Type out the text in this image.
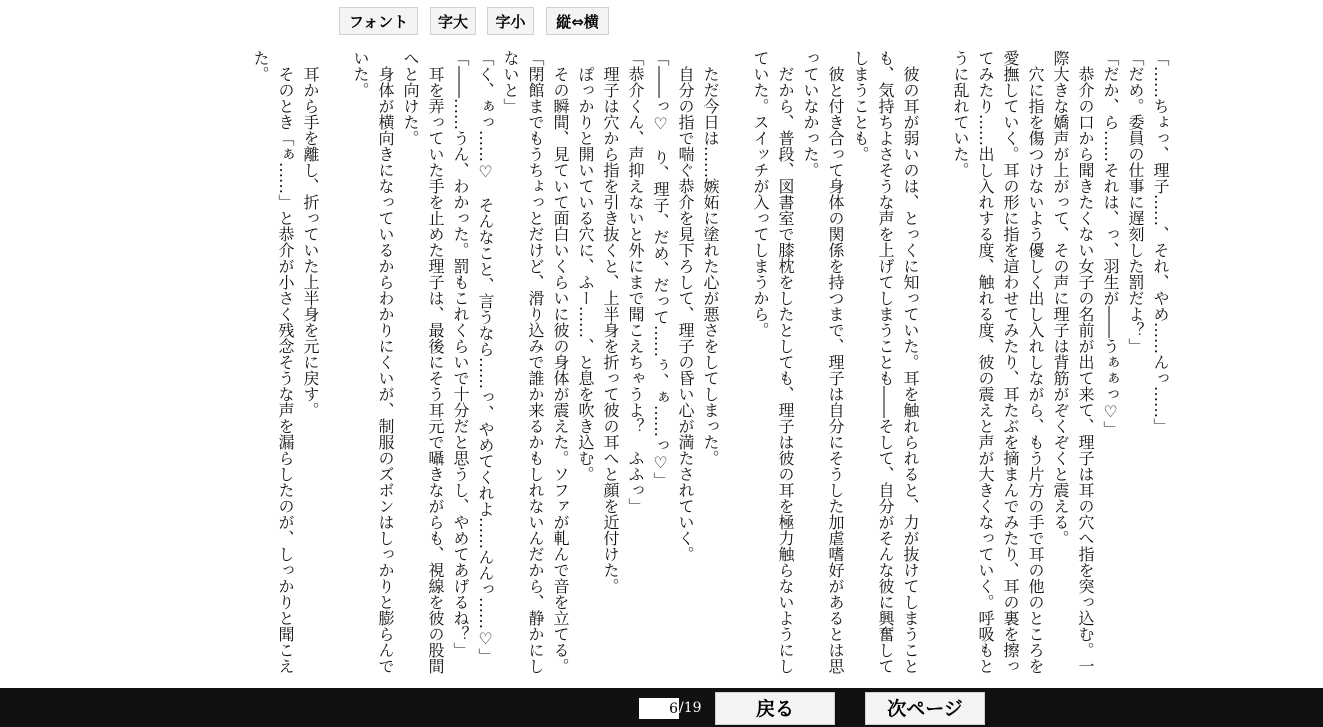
「……ちょっ、理子……、それ、やめ……んっ……」

「だめ。委員の仕事に遅刻した罰だよ？」

「だか、ら……それは、っ、羽生が――うぁぁっ♡」

　恭介の口から聞きたくない女子の名前が出て来て、理子は耳の穴へ指を突っ込む。一際大きな嬌声が上がって、その声に理子は背筋がぞくぞくと震える。

　穴に指を傷つけないよう優しく出し入れしながら、もう片方の手で耳の他のところを愛撫していく。耳の形に指を這わせてみたり、耳たぶを摘まんでみたり、耳の裏を擦ってみたり……出し入れする度、触れる度、彼の震えと声が大きくなっていく。呼吸もとうに乱れていた。

　彼の耳が弱いのは、とっくに知っていた。耳を触れられると、力が抜けてしまうことも、気持ちよさそうな声を上げてしまうことも――そして、自分がそんな彼に興奮してしまうことも。

　彼と付き合って身体の関係を持つまで、理子は自分にそうした加虐嗜好があるとは思っていなかった。

　だから、普段、図書室で膝枕をしたとしても、理子は彼の耳を極力触らないようにしていた。スイッチが入ってしまうから。

　ただ今日は……嫉妬に塗れた心が悪さをしてしまった。

　自分の指で喘ぐ恭介を見下ろして、理子の昏い心が満たされていく。

「――っ♡　り、理子、だめ、だって……ぅ、ぁ……っ♡」

「恭介くん、声抑えないと外にまで聞こえちゃうよ？　ふふっ」

　理子は穴から指を引き抜くと、上半身を折って彼の耳へと顔を近付けた。

　ぽっかりと開いている穴に、ふー……、と息を吹き込む。

　その瞬間、見ていて面白いくらいに彼の身体が震えた。ソファが軋んで音を立てる。

「閉館までもうちょっとだけど、滑り込みで誰か来るかもしれないんだから、静かにしないと」

「く、ぁっ……♡　そんなこと、言うなら……っ、やめてくれよ……んんっ……♡」

「――……うん、わかった。罰もこれくらいで十分だと思うし、やめてあげるね？」

　耳を弄っていた手を止めた理子は、最後にそう耳元で囁きながらも、視線を彼の股間へと向けた。

　身体が横向きになっているからわかりにくいが、制服のズボンはしっかりと膨らんでいた。

　耳から手を離し、折っていた上半身を元に戻す。

　そのとき「ぁ……」と恭介が小さく残念そうな声を漏らしたのが、しっかりと聞こえた。

フォント	字大	字小	縦⇔横
6
/19	戻る	次ページ
